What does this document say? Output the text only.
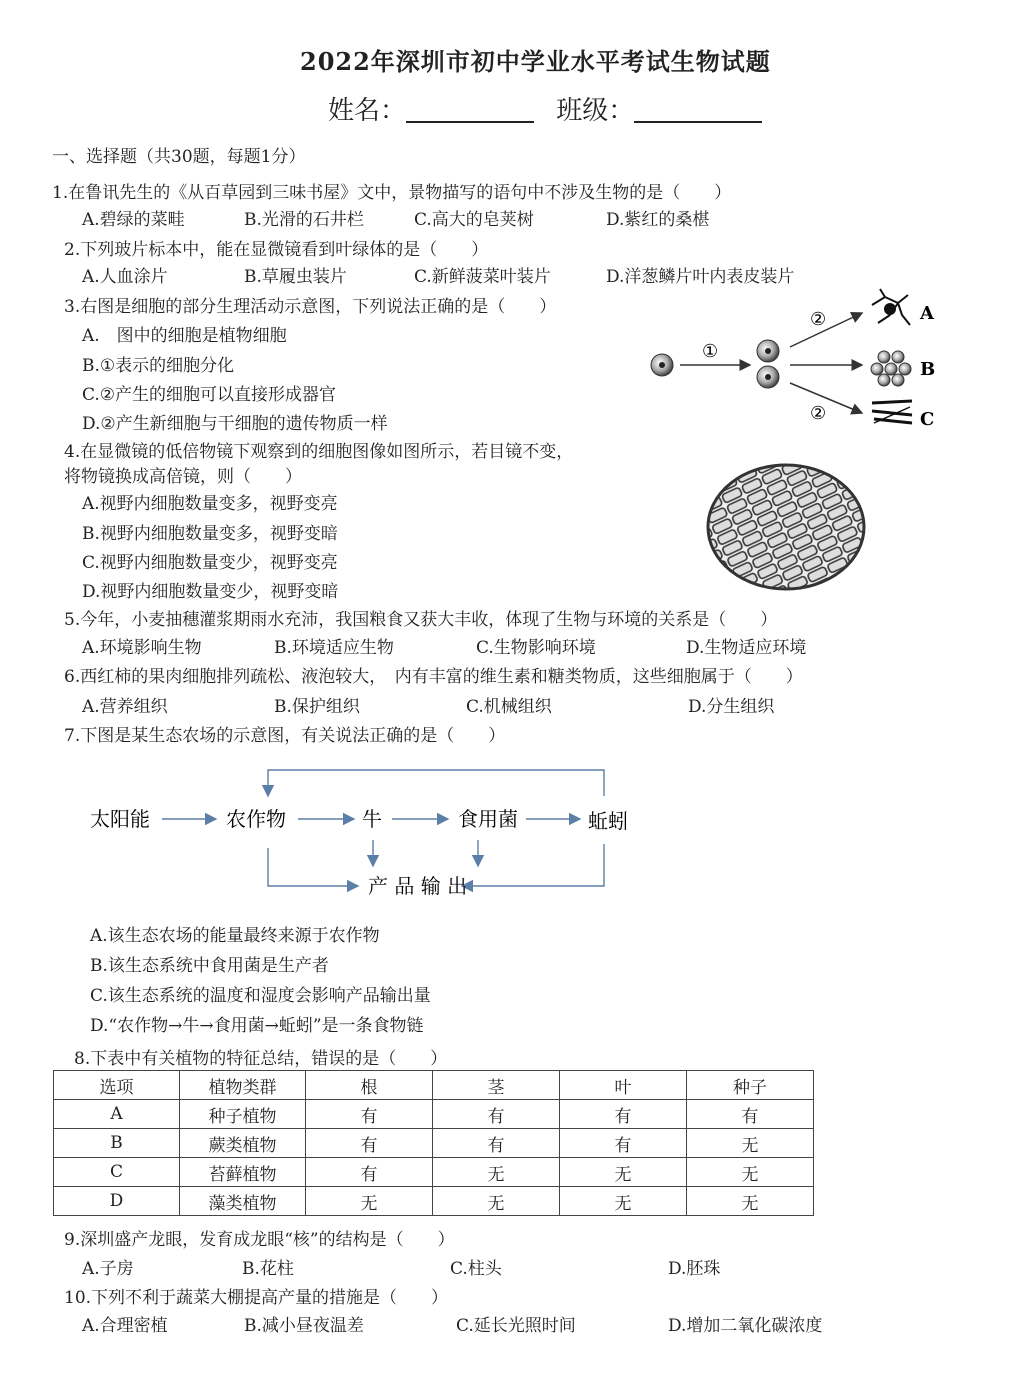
2022年深圳市初中学业水平考试生物试题
姓名：	班级：
一、选择题（共30题，每题1分）
1.在鲁讯先生的《从百草园到三味书屋》文中，景物描写的语句中不涉及生物的是（　　）
A.碧绿的菜畦	B.光滑的石井栏	C.高大的皂荚树	D.紫红的桑椹
2.下列玻片标本中，能在显微镜看到叶绿体的是（　　）
A.人血涂片	B.草履虫装片	C.新鲜菠菜叶装片	D.洋葱鳞片叶内表皮装片
3.右图是细胞的部分生理活动示意图，下列说法正确的是（　　）
A.　图中的细胞是植物细胞
B.①表示的细胞分化
C.②产生的细胞可以直接形成器官
D.②产生新细胞与干细胞的遗传物质一样
①
②
②
A
B
C
4.在显微镜的低倍物镜下观察到的细胞图像如图所示，若目镜不变，
将物镜换成高倍镜，则（　　）
A.视野内细胞数量变多，视野变亮
B.视野内细胞数量变多，视野变暗
C.视野内细胞数量变少，视野变亮
D.视野内细胞数量变少，视野变暗
5.今年，小麦抽穗灌浆期雨水充沛，我国粮食又获大丰收，体现了生物与环境的关系是（　　）
A.环境影响生物	B.环境适应生物	C.生物影响环境	D.生物适应环境
6.西红柿的果肉细胞排列疏松、液泡较大，　内有丰富的维生素和糖类物质，这些细胞属于（　　）
A.营养组织	B.保护组织	C.机械组织	D.分生组织
7.下图是某生态农场的示意图，有关说法正确的是（　　）
太阳能	农作物	牛	食用菌	蚯蚓
产 品 输 出
A.该生态农场的能量最终来源于农作物
B.该生态系统中食用菌是生产者
C.该生态系统的温度和湿度会影响产品输出量
D.“农作物→牛→食用菌→蚯蚓”是一条食物链
8.下表中有关植物的特征总结，错误的是（　　）
选项	植物类群	根	茎	叶	种子
A	种子植物	有	有	有	有
B	蕨类植物	有	有	有	无
C	苔藓植物	有	无	无	无
D	藻类植物	无	无	无	无
9.深圳盛产龙眼，发育成龙眼“核”的结构是（　　）
A.子房	B.花柱	C.柱头	D.胚珠
10.下列不利于蔬菜大棚提高产量的措施是（　　）
A.合理密植	B.减小昼夜温差	C.延长光照时间	D.增加二氧化碳浓度
